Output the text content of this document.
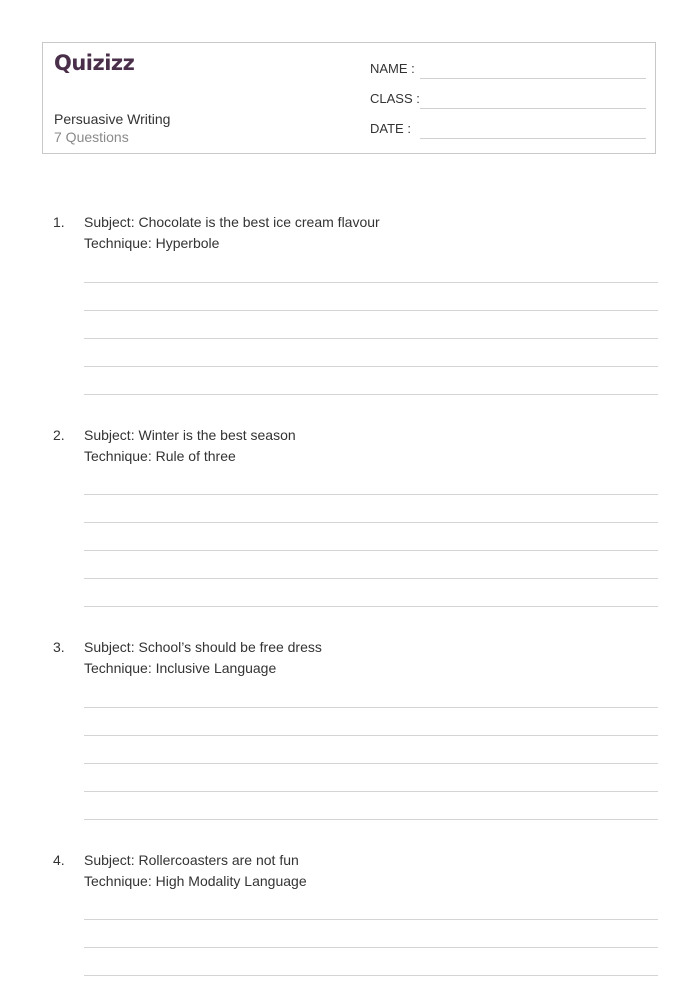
Quizizz
Persuasive Writing
7 Questions
NAME :
CLASS :
DATE :
1. Subject: Chocolate is the best ice cream flavour
Technique: Hyperbole
2. Subject: Winter is the best season
Technique: Rule of three
3. Subject: School’s should be free dress
Technique: Inclusive Language
4. Subject: Rollercoasters are not fun
Technique: High Modality Language
